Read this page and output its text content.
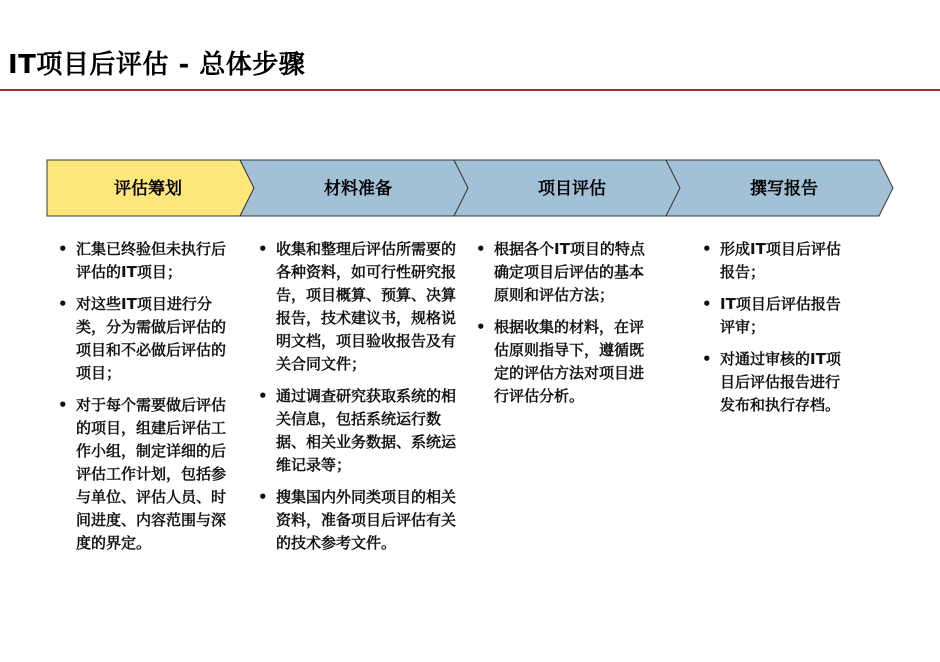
IT项目后评估 - 总体步骤
评估筹划	材料准备	项目评估	撰写报告
• 汇集已终验但未执行后评估的IT项目；
• 对这些IT项目进行分类，分为需做后评估的项目和不必做后评估的项目；
• 对于每个需要做后评估的项目，组建后评估工作小组，制定详细的后评估工作计划，包括参与单位、评估人员、时间进度、内容范围与深度的界定。
• 收集和整理后评估所需要的各种资料，如可行性研究报告，项目概算、预算、决算报告，技术建议书，规格说明文档，项目验收报告及有关合同文件；
• 通过调查研究获取系统的相关信息，包括系统运行数据、相关业务数据、系统运维记录等；
• 搜集国内外同类项目的相关资料，准备项目后评估有关的技术参考文件。
• 根据各个IT项目的特点确定项目后评估的基本原则和评估方法；
• 根据收集的材料，在评估原则指导下，遵循既定的评估方法对项目进行评估分析。
• 形成IT项目后评估报告；
• IT项目后评估报告评审；
• 对通过审核的IT项目后评估报告进行发布和执行存档。
